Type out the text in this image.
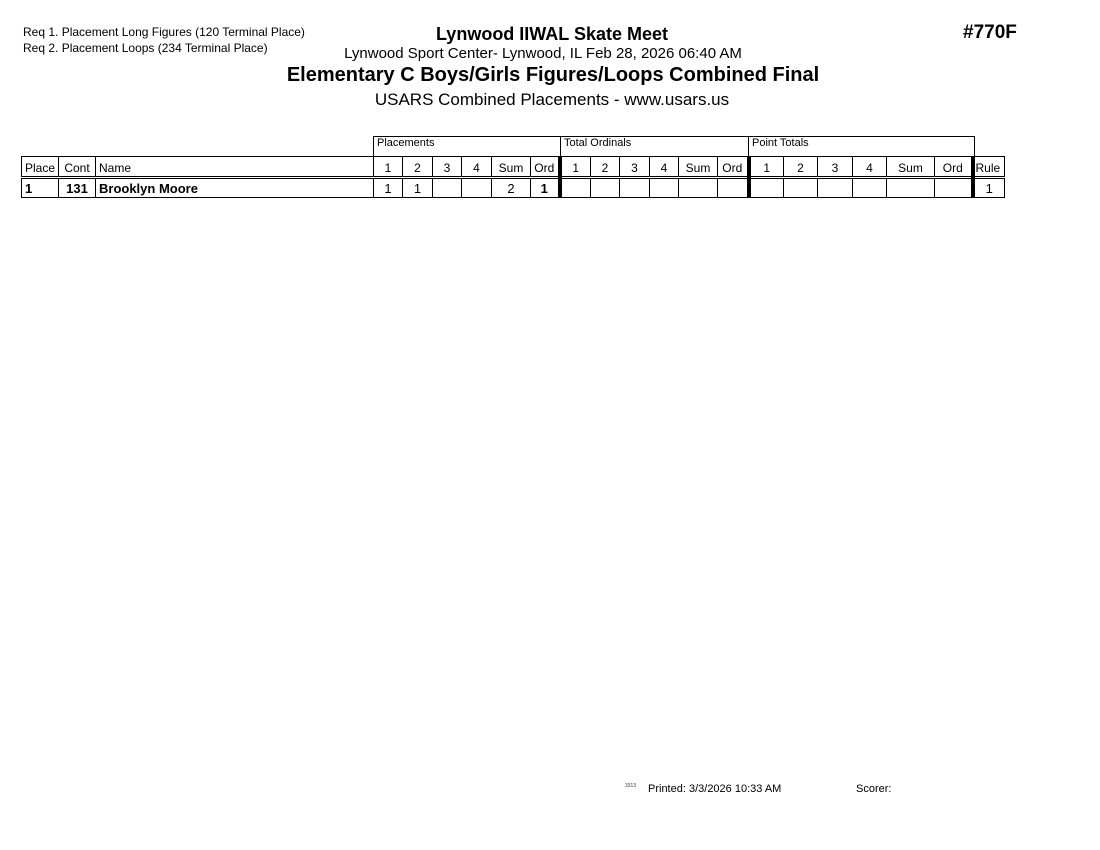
Req 1. Placement Long Figures (120 Terminal Place)
Req 2. Placement Loops (234 Terminal Place)
Lynwood IIWAL Skate Meet
Lynwood Sport Center- Lynwood, IL Feb 28, 2026 06:40 AM
Elementary C Boys/Girls Figures/Loops Combined Final
USARS Combined Placements - www.usars.us
#770F
Placements	Total Ordinals	Point Totals
Place	Cont	Name	1	2	3	4	Sum	Ord	1	2	3	4	Sum	Ord	1	2	3	4	Sum	Ord	Rule
1	131	Brooklyn Moore	1	1			2	1													1
3313 Printed: 3/3/2026 10:33 AM	Scorer:
